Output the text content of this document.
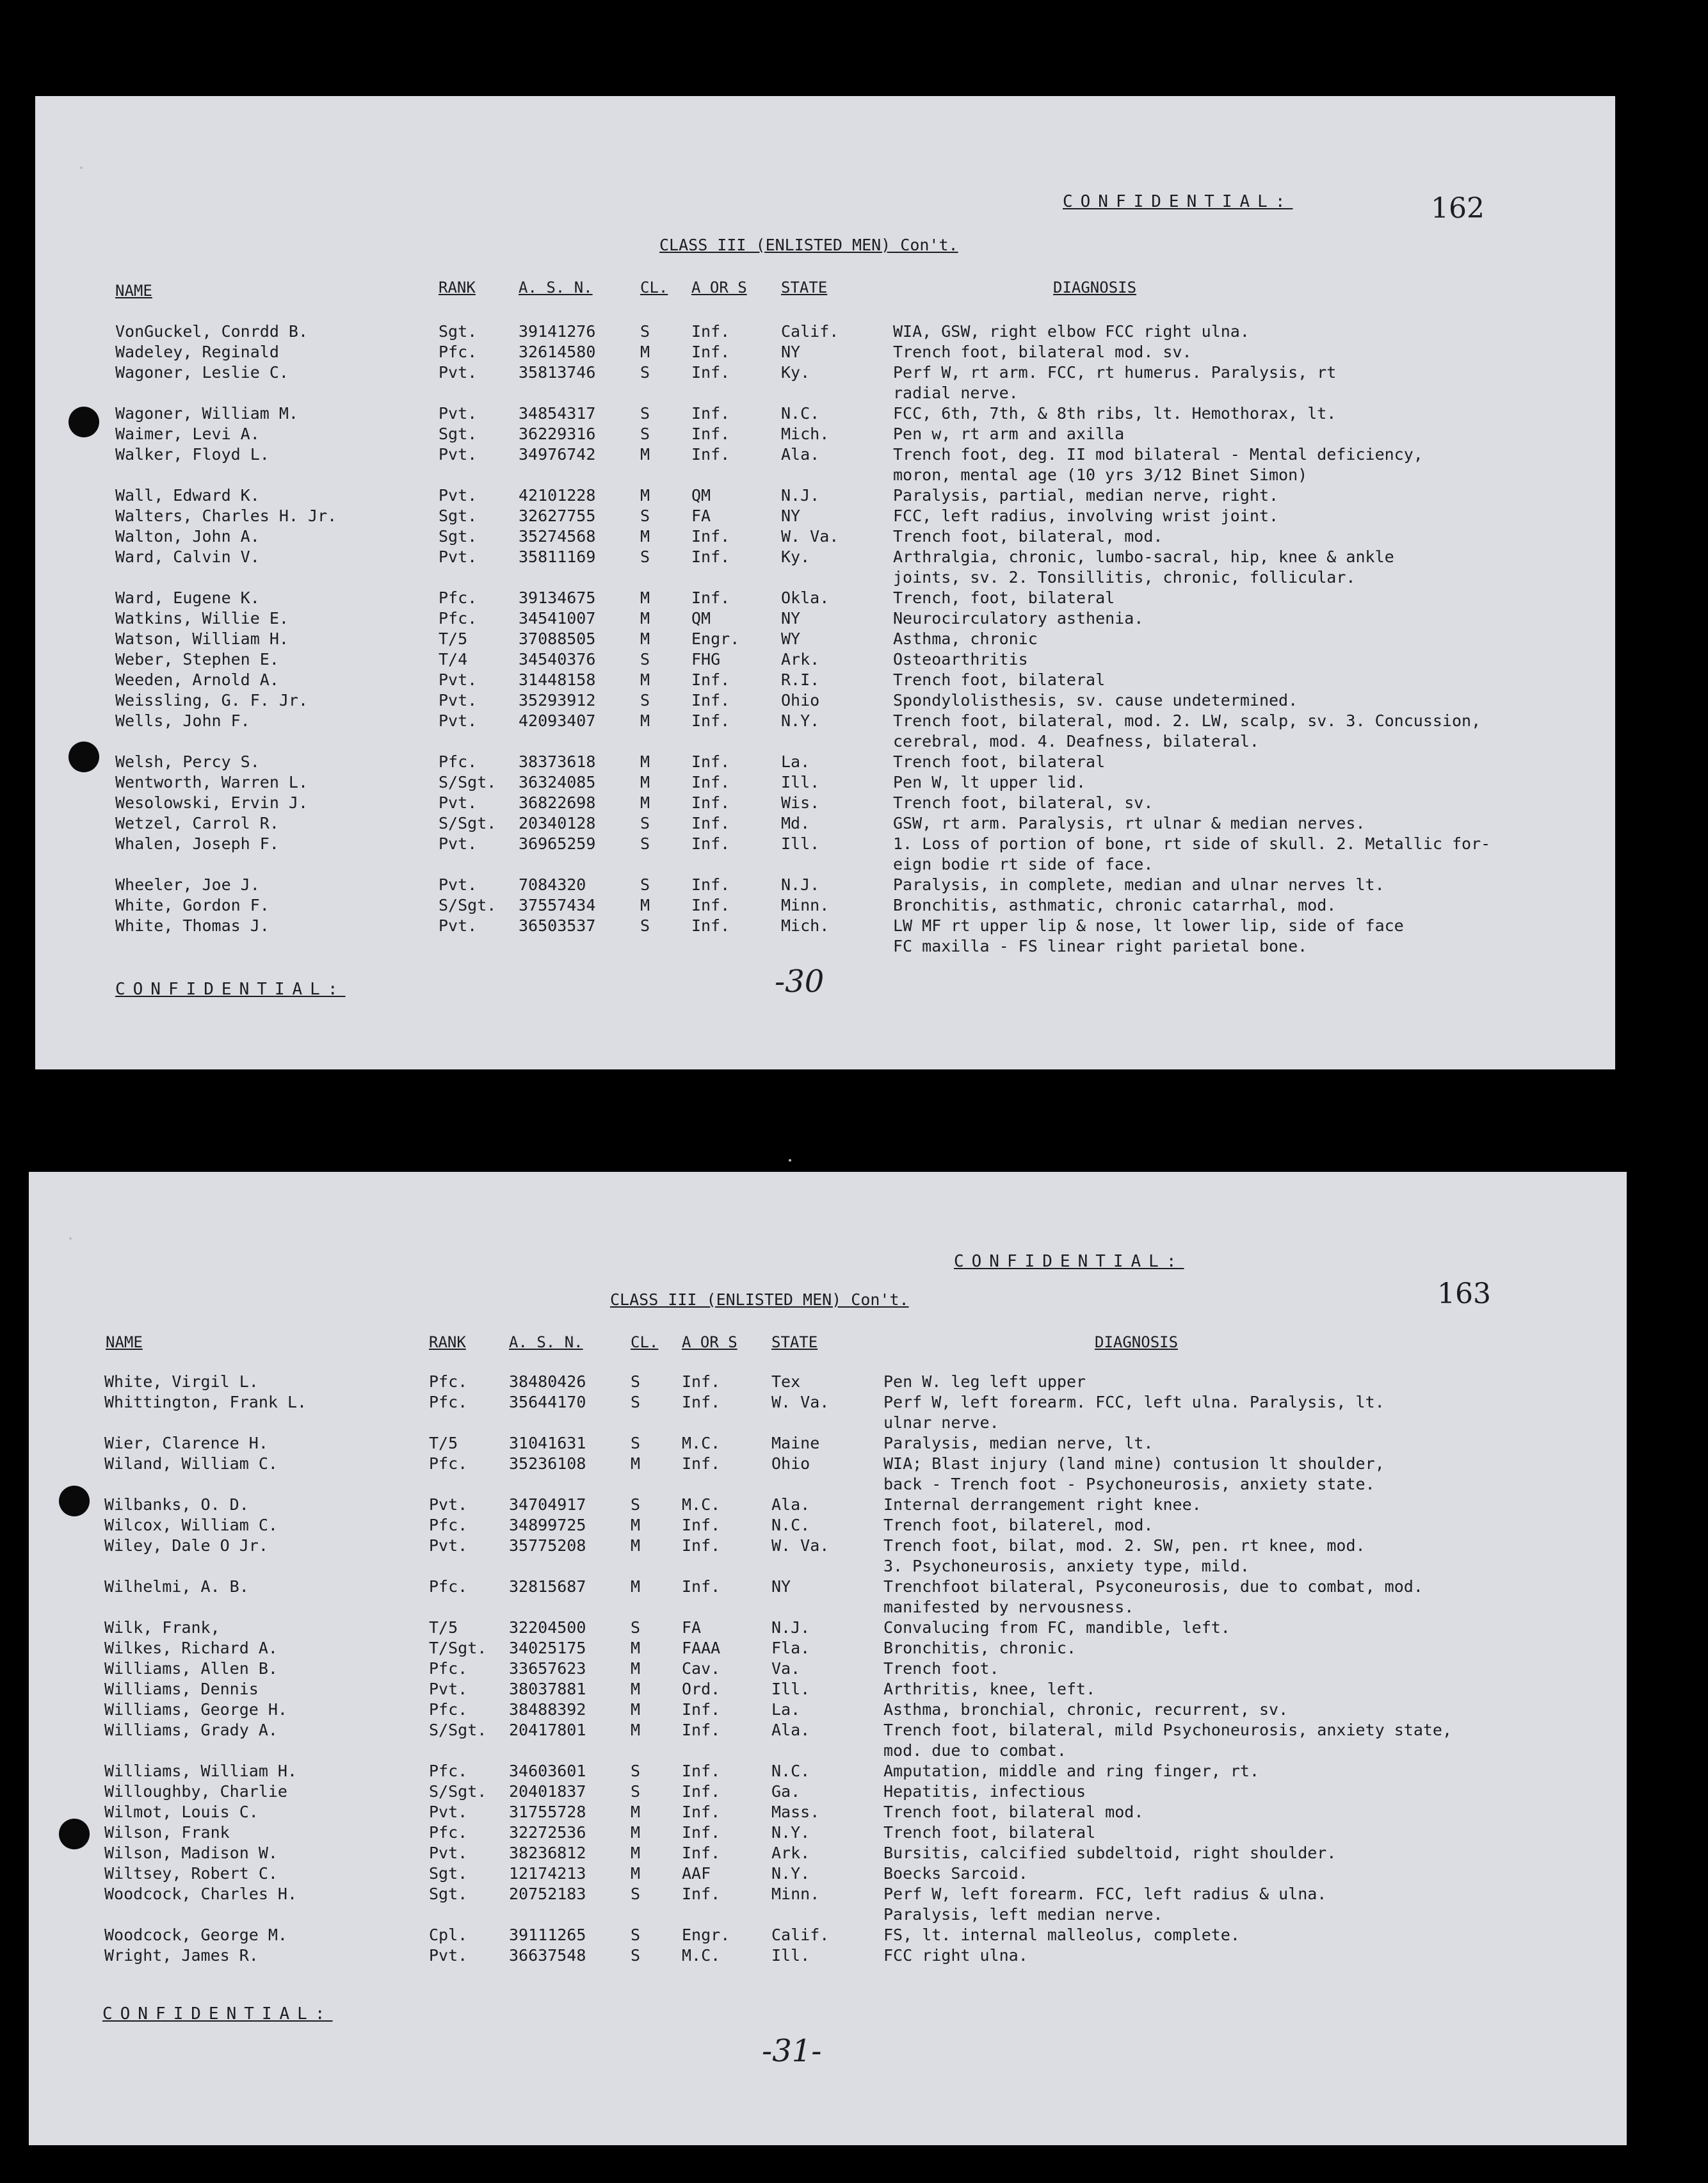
CONFIDENTIAL:	162
CLASS III (ENLISTED MEN) Con't.
NAME	RANK	A. S. N.	CL. A OR S STATE	DIAGNOSIS
VonGuckel, Conrdd B.	Sgt.	39141276	S	Inf.	Calif.	WIA, GSW, right elbow FCC right ulna.
Wadeley, Reginald	Pfc.	32614580	M	Inf.	NY	Trench foot, bilateral mod. sv.
Wagoner, Leslie C.	Pvt.	35813746	S	Inf.	Ky.	Perf W, rt arm. FCC, rt humerus. Paralysis, rt
radial nerve.
Wagoner, William M.	Pvt.	34854317	S	Inf.	N.C.	FCC, 6th, 7th, & 8th ribs, lt. Hemothorax, lt.
Waimer, Levi A.	Sgt.	36229316	S	Inf.	Mich.	Pen w, rt arm and axilla
Walker, Floyd L.	Pvt.	34976742	M	Inf.	Ala.	Trench foot, deg. II mod bilateral - Mental deficiency,
moron, mental age (10 yrs 3/12 Binet Simon)
Wall, Edward K.	Pvt.	42101228	M	QM	N.J.	Paralysis, partial, median nerve, right.
Walters, Charles H. Jr.	Sgt.	32627755	S	FA	NY	FCC, left radius, involving wrist joint.
Walton, John A.	Sgt.	35274568	M	Inf.	W. Va.	Trench foot, bilateral, mod.
Ward, Calvin V.	Pvt.	35811169	S	Inf.	Ky.	Arthralgia, chronic, lumbo-sacral, hip, knee & ankle
joints, sv. 2. Tonsillitis, chronic, follicular.
Ward, Eugene K.	Pfc.	39134675	M	Inf.	Okla.	Trench, foot, bilateral
Watkins, Willie E.	Pfc.	34541007	M	QM	NY	Neurocirculatory asthenia.
Watson, William H.	T/5	37088505	M	Engr.	WY	Asthma, chronic
Weber, Stephen E.	T/4	34540376	S	FHG	Ark.	Osteoarthritis
Weeden, Arnold A.	Pvt.	31448158	M	Inf.	R.I.	Trench foot, bilateral
Weissling, G. F. Jr.	Pvt.	35293912	S	Inf.	Ohio	Spondylolisthesis, sv. cause undetermined.
Wells, John F.	Pvt.	42093407	M	Inf.	N.Y.	Trench foot, bilateral, mod. 2. LW, scalp, sv. 3. Concussion,
cerebral, mod. 4. Deafness, bilateral.
Welsh, Percy S.	Pfc.	38373618	M	Inf.	La.	Trench foot, bilateral
Wentworth, Warren L.	S/Sgt. 36324085	M	Inf.	Ill.	Pen W, lt upper lid.
Wesolowski, Ervin J.	Pvt.	36822698	M	Inf.	Wis.	Trench foot, bilateral, sv.
Wetzel, Carrol R.	S/Sgt. 20340128	S	Inf.	Md.	GSW, rt arm. Paralysis, rt ulnar & median nerves.
Whalen, Joseph F.	Pvt.	36965259	S	Inf.	Ill.	1. Loss of portion of bone, rt side of skull. 2. Metallic for-
eign bodie rt side of face.
Wheeler, Joe J.	Pvt.	7084320	S	Inf.	N.J.	Paralysis, in complete, median and ulnar nerves lt.
White, Gordon F.	S/Sgt. 37557434	M	Inf.	Minn.	Bronchitis, asthmatic, chronic catarrhal, mod.
White, Thomas J.	Pvt.	36503537	S	Inf.	Mich.	LW MF rt upper lip & nose, lt lower lip, side of face
FC maxilla - FS linear right parietal bone.
CONFIDENTIAL:	-30
CONFIDENTIAL:
163
CLASS III (ENLISTED MEN) Con't.
NAME	RANK	A. S. N.	CL. A OR S STATE	DIAGNOSIS
White, Virgil L.	Pfc.	38480426	S	Inf.	Tex	Pen W. leg left upper
Whittington, Frank L.	Pfc.	35644170	S	Inf.	W. Va.	Perf W, left forearm. FCC, left ulna. Paralysis, lt.
ulnar nerve.
Wier, Clarence H.	T/5	31041631	S	M.C.	Maine	Paralysis, median nerve, lt.
Wiland, William C.	Pfc.	35236108	M	Inf.	Ohio	WIA; Blast injury (land mine) contusion lt shoulder,
back - Trench foot - Psychoneurosis, anxiety state.
Wilbanks, O. D.	Pvt.	34704917	S	M.C.	Ala.	Internal derrangement right knee.
Wilcox, William C.	Pfc.	34899725	M	Inf.	N.C.	Trench foot, bilaterel, mod.
Wiley, Dale O Jr.	Pvt.	35775208	M	Inf.	W. Va.	Trench foot, bilat, mod. 2. SW, pen. rt knee, mod.
3. Psychoneurosis, anxiety type, mild.
Wilhelmi, A. B.	Pfc.	32815687	M	Inf.	NY	Trenchfoot bilateral, Psyconeurosis, due to combat, mod.
manifested by nervousness.
Wilk, Frank,	T/5	32204500	S	FA	N.J.	Convalucing from FC, mandible, left.
Wilkes, Richard A.	T/Sgt. 34025175	M	FAAA	Fla.	Bronchitis, chronic.
Williams, Allen B.	Pfc.	33657623	M	Cav.	Va.	Trench foot.
Williams, Dennis	Pvt.	38037881	M	Ord.	Ill.	Arthritis, knee, left.
Williams, George H.	Pfc.	38488392	M	Inf.	La.	Asthma, bronchial, chronic, recurrent, sv.
Williams, Grady A.	S/Sgt. 20417801	M	Inf.	Ala.	Trench foot, bilateral, mild Psychoneurosis, anxiety state,
mod. due to combat.
Williams, William H.	Pfc.	34603601	S	Inf.	N.C.	Amputation, middle and ring finger, rt.
Willoughby, Charlie	S/Sgt. 20401837	S	Inf.	Ga.	Hepatitis, infectious
Wilmot, Louis C.	Pvt.	31755728	M	Inf.	Mass.	Trench foot, bilateral mod.
Wilson, Frank	Pfc.	32272536	M	Inf.	N.Y.	Trench foot, bilateral
Wilson, Madison W.	Pvt.	38236812	M	Inf.	Ark.	Bursitis, calcified subdeltoid, right shoulder.
Wiltsey, Robert C.	Sgt.	12174213	M	AAF	N.Y.	Boecks Sarcoid.
Woodcock, Charles H.	Sgt.	20752183	S	Inf.	Minn.	Perf W, left forearm. FCC, left radius & ulna.
Paralysis, left median nerve.
Woodcock, George M.	Cpl.	39111265	S	Engr.	Calif.	FS, lt. internal malleolus, complete.
Wright, James R.	Pvt.	36637548	S	M.C.	Ill.	FCC right ulna.
CONFIDENTIAL:
-31-
